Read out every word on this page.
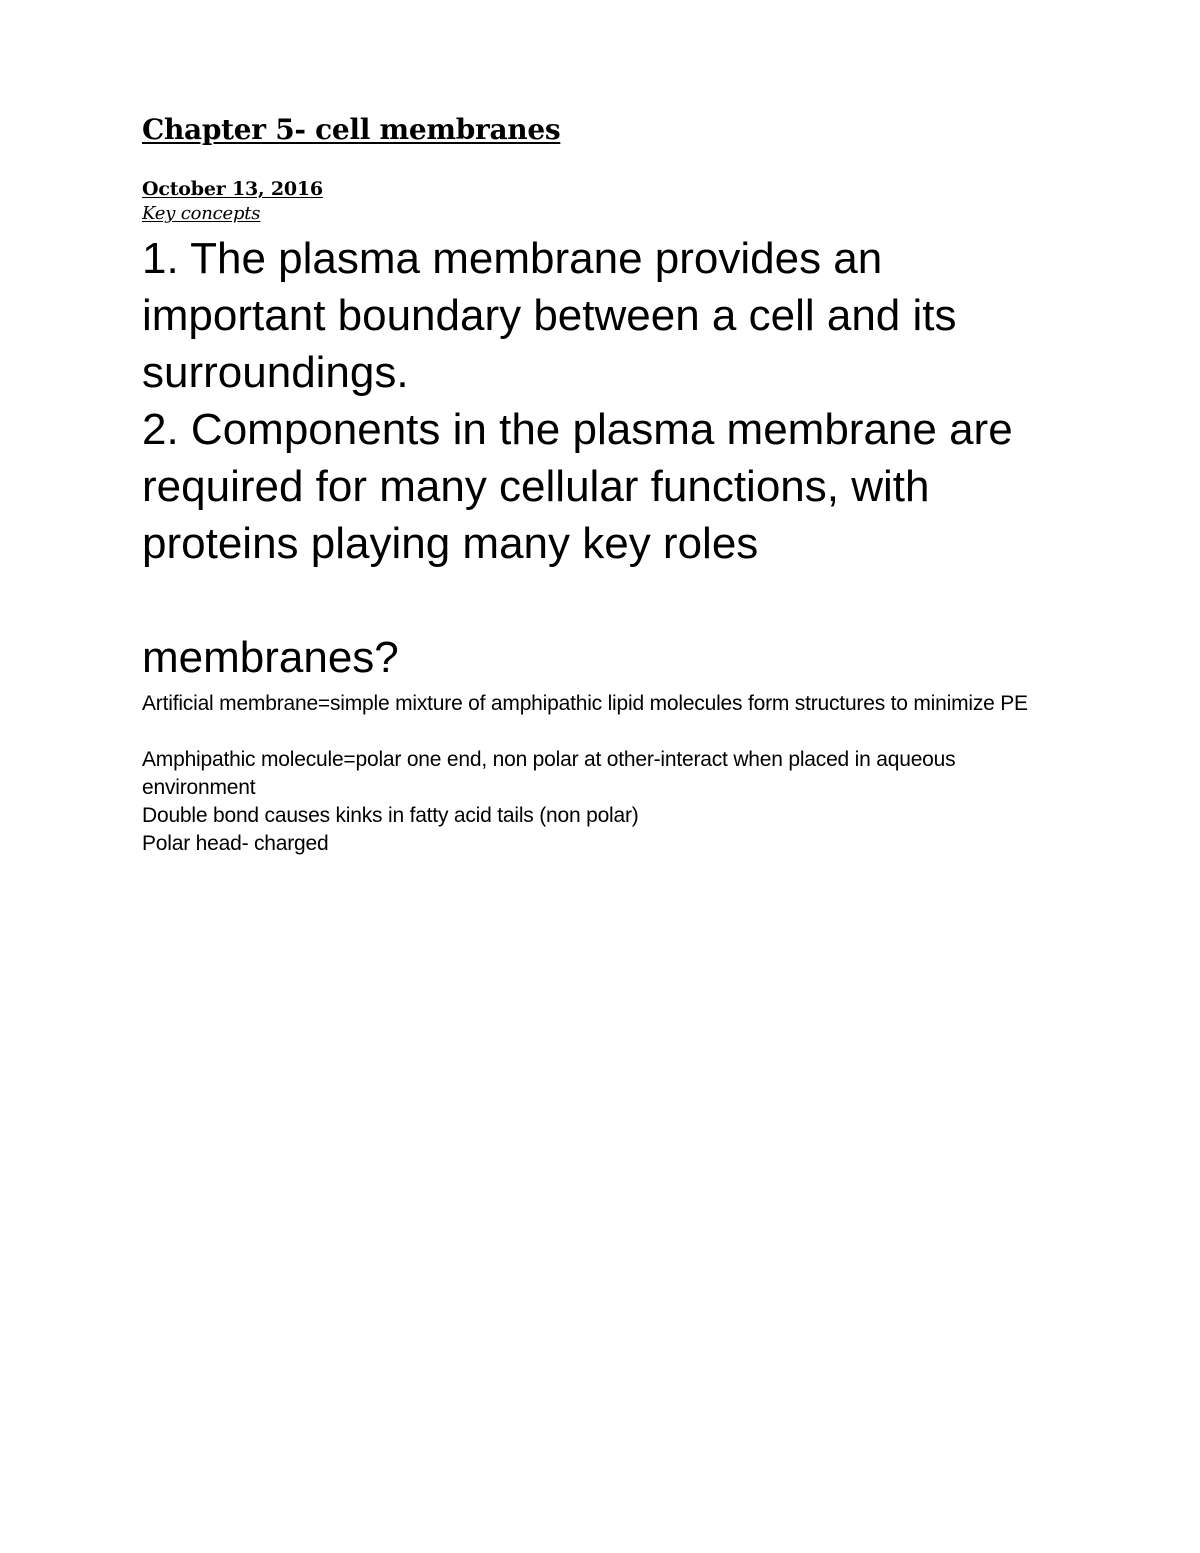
Chapter 5- cell membranes
October 13, 2016
Key concepts

1. The plasma membrane provides an important boundary between a cell and its surroundings.

2. Components in the plasma membrane are required for many cellular functions, with proteins playing many key roles

membranes?

Artificial membrane=simple mixture of amphipathic lipid molecules form structures to minimize PE

Amphipathic molecule=polar one end, non polar at other-interact when placed in aqueous environment

Double bond causes kinks in fatty acid tails (non polar)

Polar head- charged
